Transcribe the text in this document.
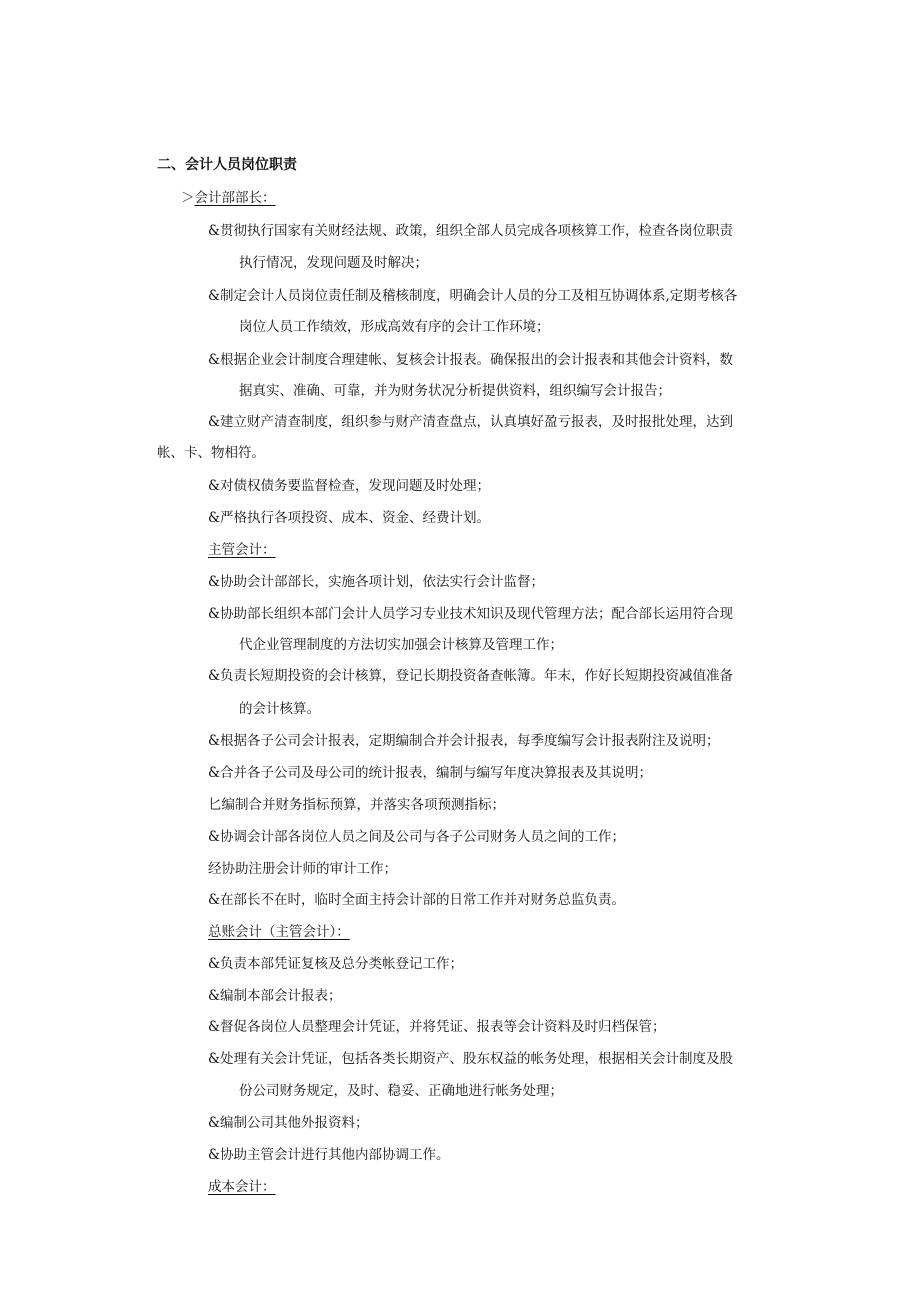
二、会计人员岗位职责
＞会计部部长：
&贯彻执行国家有关财经法规、政策，组织全部人员完成各项核算工作，检查各岗位职责
执行情况，发现问题及时解决；
&制定会计人员岗位责任制及稽核制度，明确会计人员的分工及相互协调体系,定期考核各
岗位人员工作绩效，形成高效有序的会计工作环境；
&根据企业会计制度合理建帐、复核会计报表。确保报出的会计报表和其他会计资料，数
据真实、准确、可靠，并为财务状况分析提供资料，组织编写会计报告；
&建立财产清查制度，组织参与财产清查盘点，认真填好盈亏报表，及时报批处理，达到
帐、卡、物相符。
&对债权债务要监督检查，发现问题及时处理；
&严格执行各项投资、成本、资金、经费计划。
主管会计：
&协助会计部部长，实施各项计划，依法实行会计监督；
&协助部长组织本部门会计人员学习专业技术知识及现代管理方法；配合部长运用符合现
代企业管理制度的方法切实加强会计核算及管理工作；
&负责长短期投资的会计核算，登记长期投资备查帐簿。年末，作好长短期投资减值准备
的会计核算。
&根据各子公司会计报表，定期编制合并会计报表，每季度编写会计报表附注及说明；
&合并各子公司及母公司的统计报表，编制与编写年度决算报表及其说明；
匕编制合并财务指标预算，并落实各项预测指标；
&协调会计部各岗位人员之间及公司与各子公司财务人员之间的工作；
经协助注册会计师的审计工作；
&在部长不在时，临时全面主持会计部的日常工作并对财务总监负责。
总账会计（主管会计）：
&负责本部凭证复核及总分类帐登记工作；
&编制本部会计报表；
&督促各岗位人员整理会计凭证，并将凭证、报表等会计资料及时归档保管；
&处理有关会计凭证，包括各类长期资产、股东权益的帐务处理，根据相关会计制度及股
份公司财务规定，及时、稳妥、正确地进行帐务处理；
&编制公司其他外报资料；
&协助主管会计进行其他内部协调工作。
成本会计：
